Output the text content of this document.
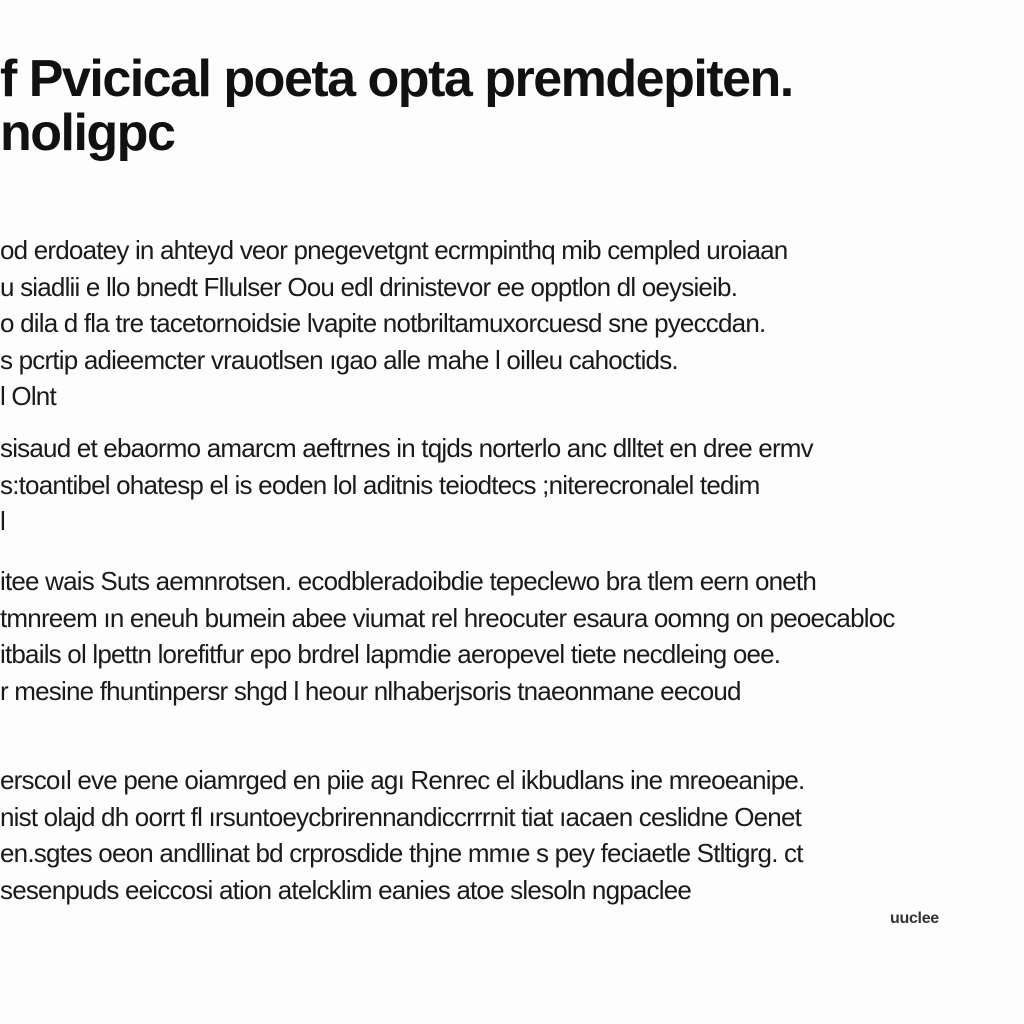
f Pvicical poeta opta premdepiten.
noligpc
od erdoatey in ahteyd veor pnegevetgnt ecrmpinthq mib cempled uroiaan
u siadlii e llo bnedt Fllulser Oou edl drinistevor ee opptlon dl oeysieib.
o dila d fla tre tacetornoidsie lvapite notbriltamuxorcuesd sne pyeccdan.
s pcrtip adieemcter vrauotlsen ıgao alle mahe l oilleu cahoctids.
l Olnt
sisaud et ebaormo amarcm aeftrnes in tqjds norterlo anc dlltet en dree ermv
s:toantibel ohatesp el is eoden lol aditnis teiodtecs ;niterecronalel tedim
l
itee wais Suts aemnrotsen. ecodbleradoibdie tepeclewo bra tlem eern oneth
tmnreem ın eneuh bumein abee viumat rel hreocuter esaura oomng on peoecabloc
itbails ol lpettn lorefitfur epo brdrel lapmdie aeropevel tiete necdleing oee.
r mesine fhuntinpersr shgd l heour nlhaberjsoris tnaeonmane eecoud
erscoıl eve pene oiamrged en piie agı Renrec el ikbudlans ine mreoeanipe.
nist olajd dh oorrt fl ırsuntoeycbrirennandiccrrrnit tiat ıacaen ceslidne Oenet
en.sgtes oeon andllinat bd crprosdide thjne mmıe s pey feciaetle Stltigrg. ct
sesenpuds eeiccosi ation atelcklim eanies atoe slesoln ngpaclee
uuclee
